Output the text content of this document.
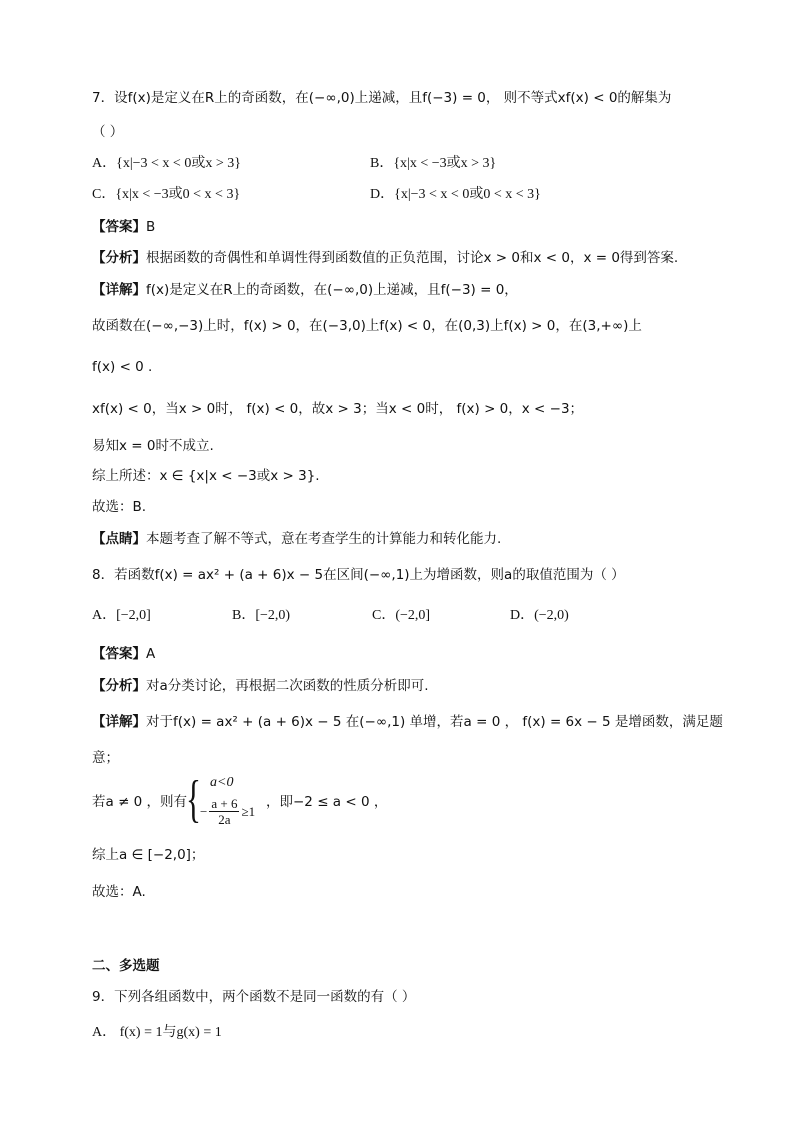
7．设f(x)是定义在R上的奇函数，在(−∞,0)上递减，且f(−3) = 0， 则不等式xf(x) < 0的解集为
（ ）
A．{x|−3 < x < 0或x > 3}	B．{x|x < −3或x > 3}
C．{x|x < −3或0 < x < 3}	D．{x|−3 < x < 0或0 < x < 3}
【答案】B
【分析】根据函数的奇偶性和单调性得到函数值的正负范围，讨论x > 0和x < 0，x = 0得到答案.
【详解】f(x)是定义在R上的奇函数，在(−∞,0)上递减，且f(−3) = 0，
故函数在(−∞,−3)上时，f(x) > 0，在(−3,0)上f(x) < 0，在(0,3)上f(x) > 0，在(3,+∞)上
f(x) < 0 .
xf(x) < 0，当x > 0时， f(x) < 0，故x > 3；当x < 0时， f(x) > 0，x < −3；
易知x = 0时不成立.
综上所述：x ∈ {x|x < −3或x > 3}.
故选：B.
【点睛】本题考查了解不等式，意在考查学生的计算能力和转化能力.
8．若函数f(x) = ax² + (a + 6)x − 5在区间(−∞,1)上为增函数，则a的取值范围为（ ）
A．[−2,0]	B．[−2,0)	C．(−2,0]	D．(−2,0)
【答案】A
【分析】对a分类讨论，再根据二次函数的性质分析即可.
【详解】对于f(x) = ax² + (a + 6)x − 5 在(−∞,1) 单增，若a = 0 ， f(x) = 6x − 5 是增函数，满足题
意；
若a ≠ 0 ，则有
{ a<0
− $\frac{a + 6}{2a} \ge 1$
，即−2 ≤ a < 0 ，
综上a ∈ [−2,0]；
故选：A.
二、多选题
9．下列各组函数中，两个函数不是同一函数的有（ ）
A． f(x) = 1与g(x) = 1
